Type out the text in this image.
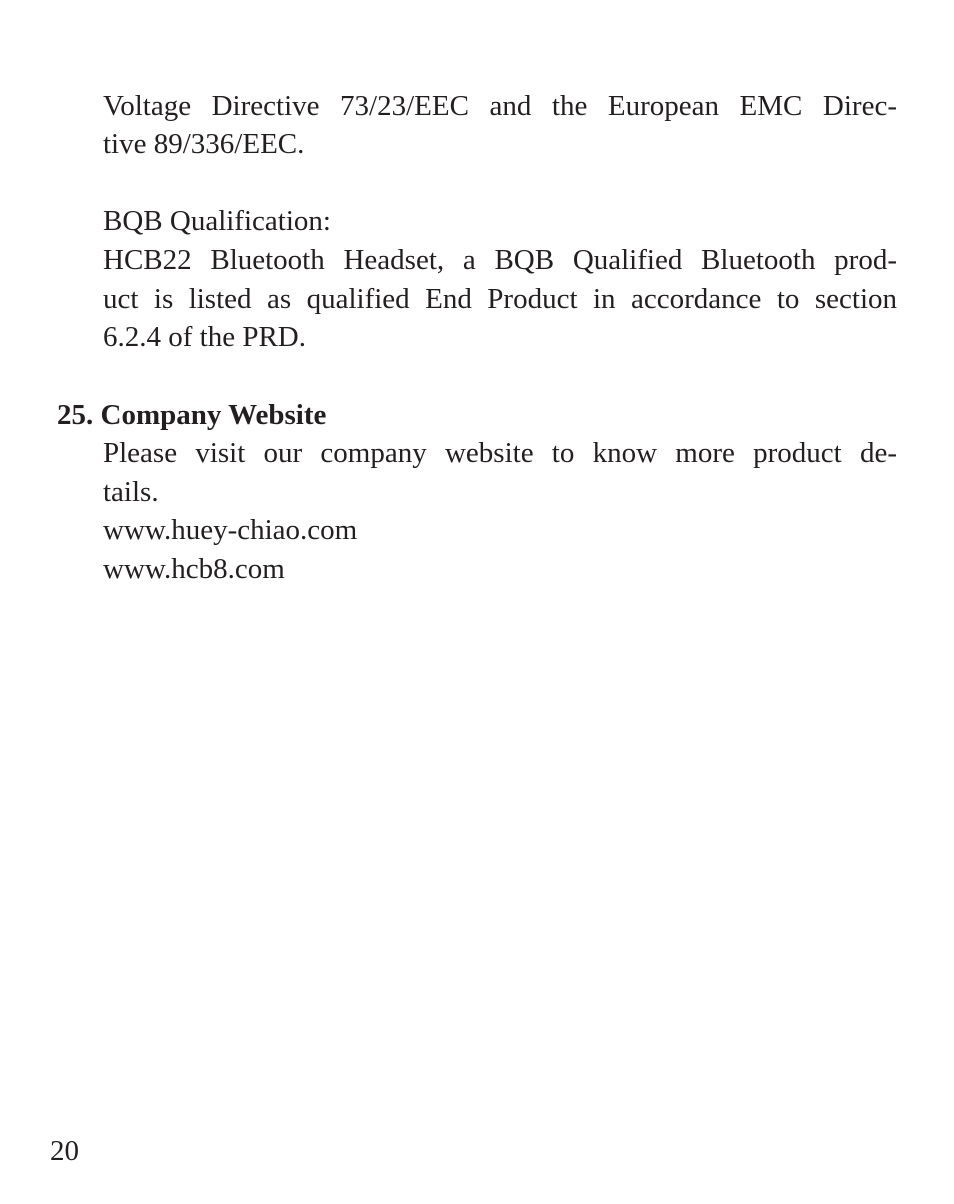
Voltage Directive 73/23/EEC and the European EMC Direc-
tive 89/336/EEC.
BQB Qualification:
HCB22 Bluetooth Headset, a BQB Qualified Bluetooth prod-
uct is listed as qualified End Product in accordance to section
6.2.4 of the PRD.
25. Company Website
Please visit our company website to know more product de-
tails.
www.huey-chiao.com
www.hcb8.com
20
